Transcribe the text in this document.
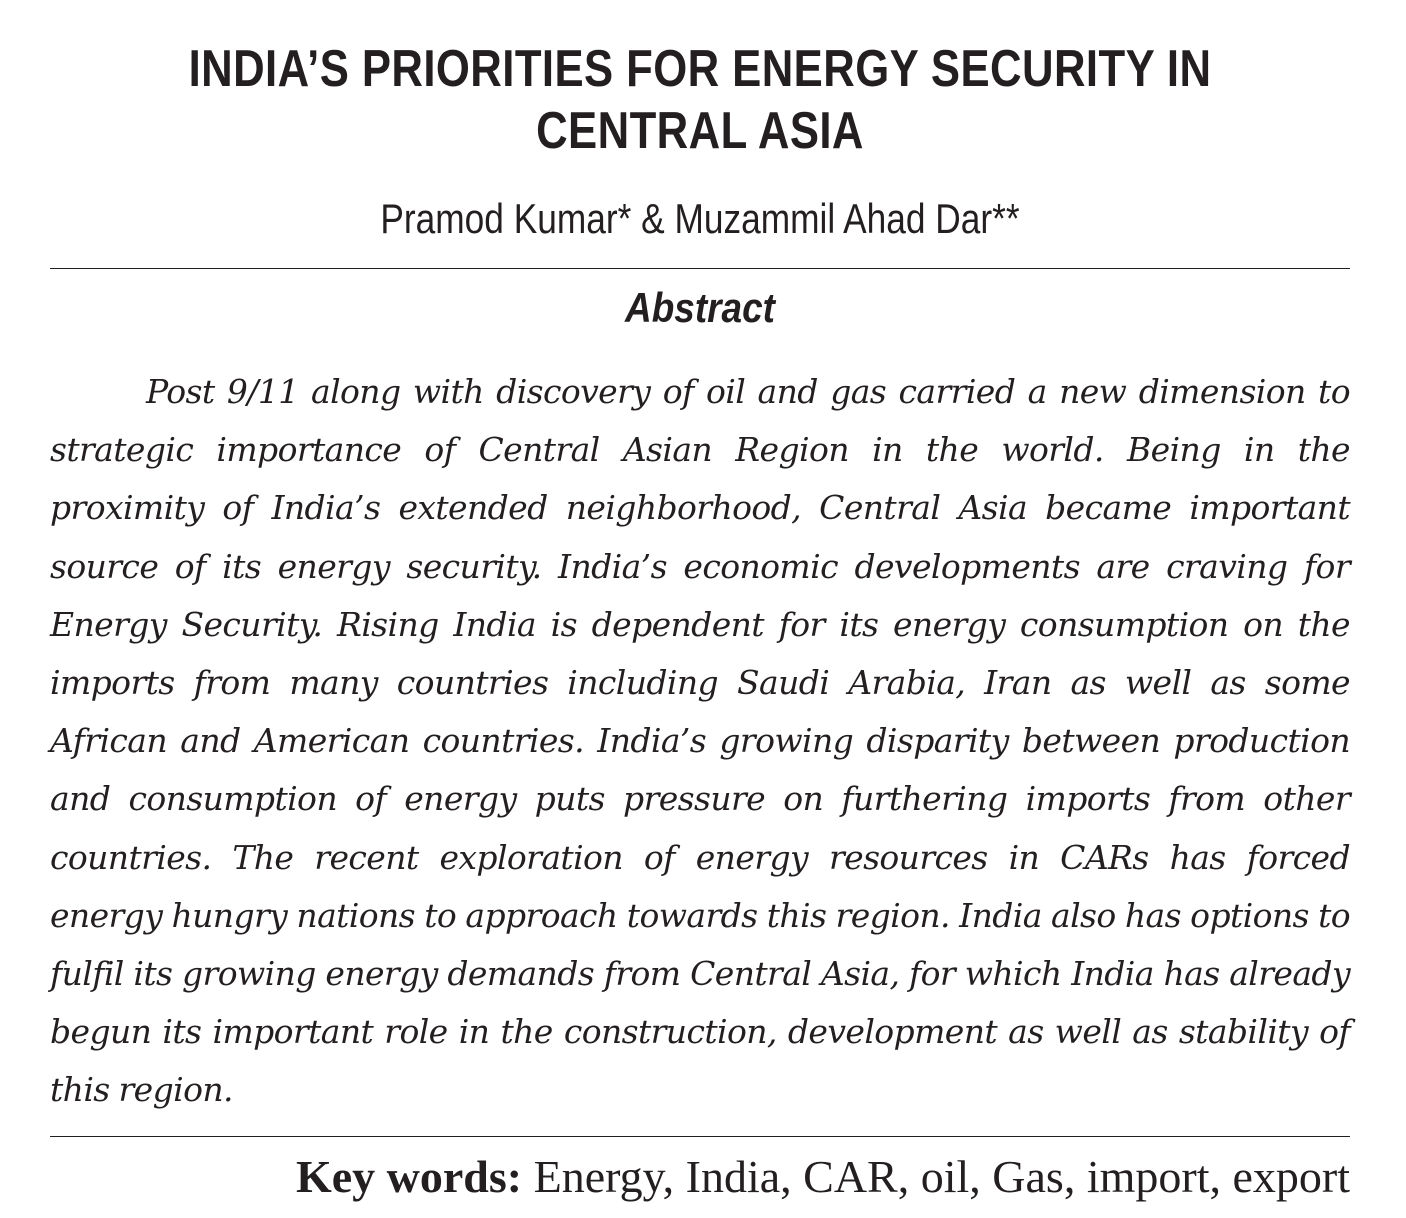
INDIA’S PRIORITIES FOR ENERGY SECURITY IN
CENTRAL ASIA
Pramod Kumar* & Muzammil Ahad Dar**
Abstract

Post 9/11 along with discovery of oil and gas carried a new dimension to strategic importance of Central Asian Region in the world. Being in the proximity of India’s extended neighborhood, Central Asia became important source of its energy security. India’s economic developments are craving for Energy Security. Rising India is dependent for its energy consumption on the imports from many countries including Saudi Arabia, Iran as well as some African and American countries. India’s growing disparity between production and consumption of energy puts pressure on furthering imports from other countries. The recent exploration of energy resources in CARs has forced energy hungry nations to approach towards this region. India also has options to fulfil its growing energy demands from Central Asia, for which India has already begun its important role in the construction, development as well as stability of this region.

Key words: Energy, India, CAR, oil, Gas, import, export
